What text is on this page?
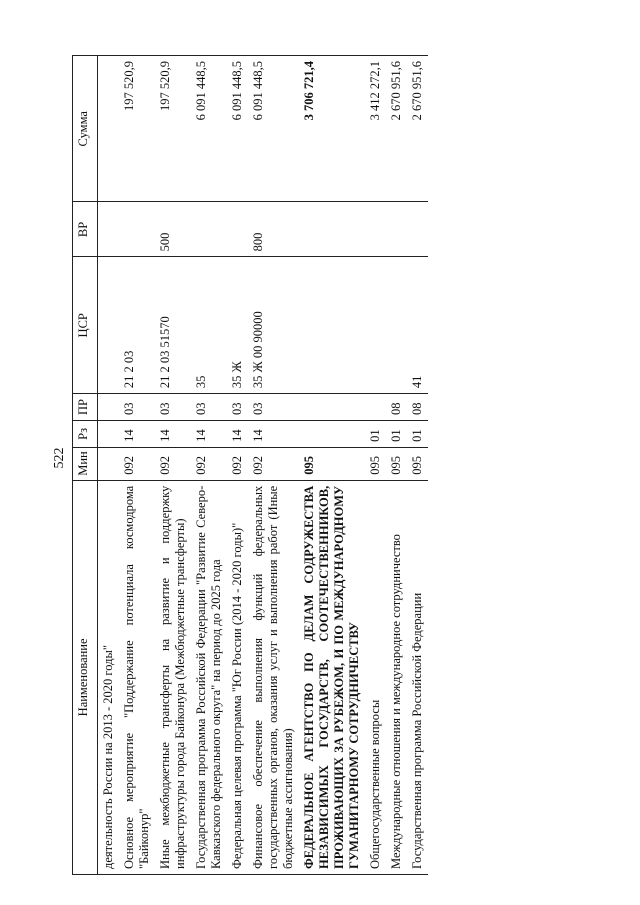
522
Наименование	Мин	Рз	ПР	ЦСР	ВР	Сумма
деятельность России на 2013 - 2020 годы"						
Основное мероприятие "Поддержание потенциала космодрома "Байконур"	092	14	03	21 2 03		197 520,9
Иные межбюджетные трансферты на развитие и поддержку инфраструктуры города Байконура (Межбюджетные трансферты)	092	14	03	21 2 03 51570	500	197 520,9
Государственная программа Российской Федерации "Развитие Северо-Кавказского федерального округа" на период до 2025 года	092	14	03	35		6 091 448,5
Федеральная целевая программа "Юг России (2014 - 2020 годы)"	092	14	03	35 Ж		6 091 448,5
Финансовое обеспечение выполнения функций федеральных государственных органов, оказания услуг и выполнения работ (Иные бюджетные ассигнования)	092	14	03	35 Ж 00 90000	800	6 091 448,5
ФЕДЕРАЛЬНОЕ АГЕНТСТВО ПО ДЕЛАМ СОДРУЖЕСТВА НЕЗАВИСИМЫХ ГОСУДАРСТВ, СООТЕЧЕСТВЕННИКОВ, ПРОЖИВАЮЩИХ ЗА РУБЕЖОМ, И ПО МЕЖДУНАРОДНОМУ ГУМАНИТАРНОМУ СОТРУДНИЧЕСТВУ	095					3 706 721,4
Общегосударственные вопросы	095	01				3 412 272,1
Международные отношения и международное сотрудничество	095	01	08			2 670 951,6
Государственная программа Российской Федерации	095	01	08	41		2 670 951,6
